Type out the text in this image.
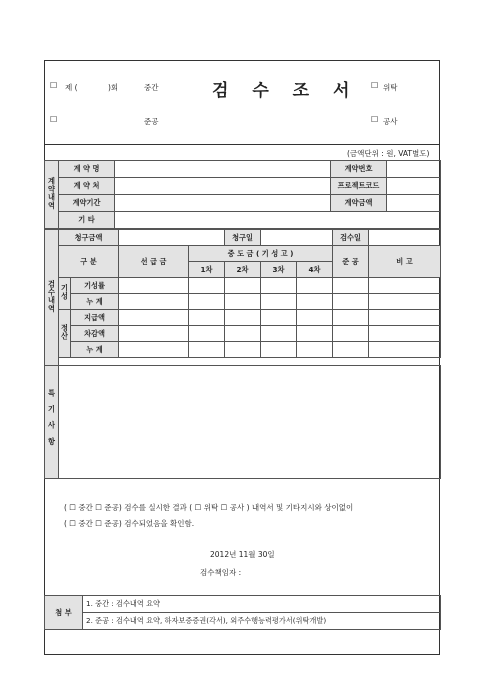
☐ 제 (	)회	중간	검 수 조 서 ☐ 위탁
☐	준공	☐ 공사
(금액단위 : 원, VAT별도)
계약내역	계 약 명		계약번호	
	계 약 처		프로젝트코드	
	계약기간		계약금액	
	기 타			
검수내역	청구금액				청구일			검수일	
	구 분		선 급 금	중 도 금 ( 기 성 고 )				준 공	비 고
				1차	2차	3차	4차		
	기성	기성률							
		누 계							
	정산	지급액							
		차감액							
		누 계							

특기사항	
( ☐ 중간 ☐ 준공) 검수를 실시한 결과 ( ☐ 위탁 ☐ 공사 ) 내역서 및 기타지시와 상이없이
( ☐ 중간 ☐ 준공) 검수되었음을 확인함.
2012년 11월 30일
검수책임자 :
첨 부	1. 중간 : 검수내역 요약
2. 준공 : 검수내역 요약, 하자보증증권(각서), 외주수행능력평가서(위탁개발)
